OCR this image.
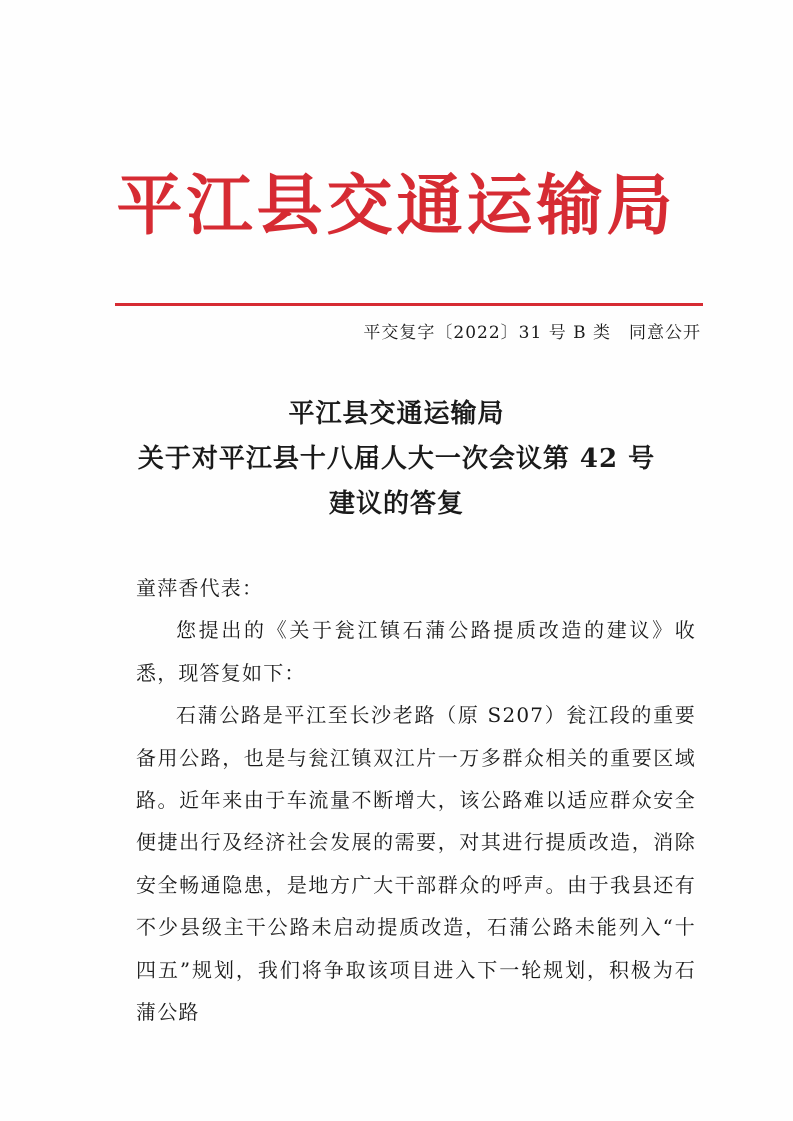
平江县交通运输局
平交复字〔2022〕31 号 B 类　同意公开
平江县交通运输局
关于对平江县十八届人大一次会议第 42 号
建议的答复

童萍香代表：

您提出的《关于瓮江镇石蒲公路提质改造的建议》收悉，现答复如下：

石蒲公路是平江至长沙老路（原 S207）瓮江段的重要备用公路，也是与瓮江镇双江片一万多群众相关的重要区域路。近年来由于车流量不断增大，该公路难以适应群众安全便捷出行及经济社会发展的需要，对其进行提质改造，消除安全畅通隐患，是地方广大干部群众的呼声。由于我县还有不少县级主干公路未启动提质改造，石蒲公路未能列入“十四五”规划，我们将争取该项目进入下一轮规划，积极为石蒲公路
